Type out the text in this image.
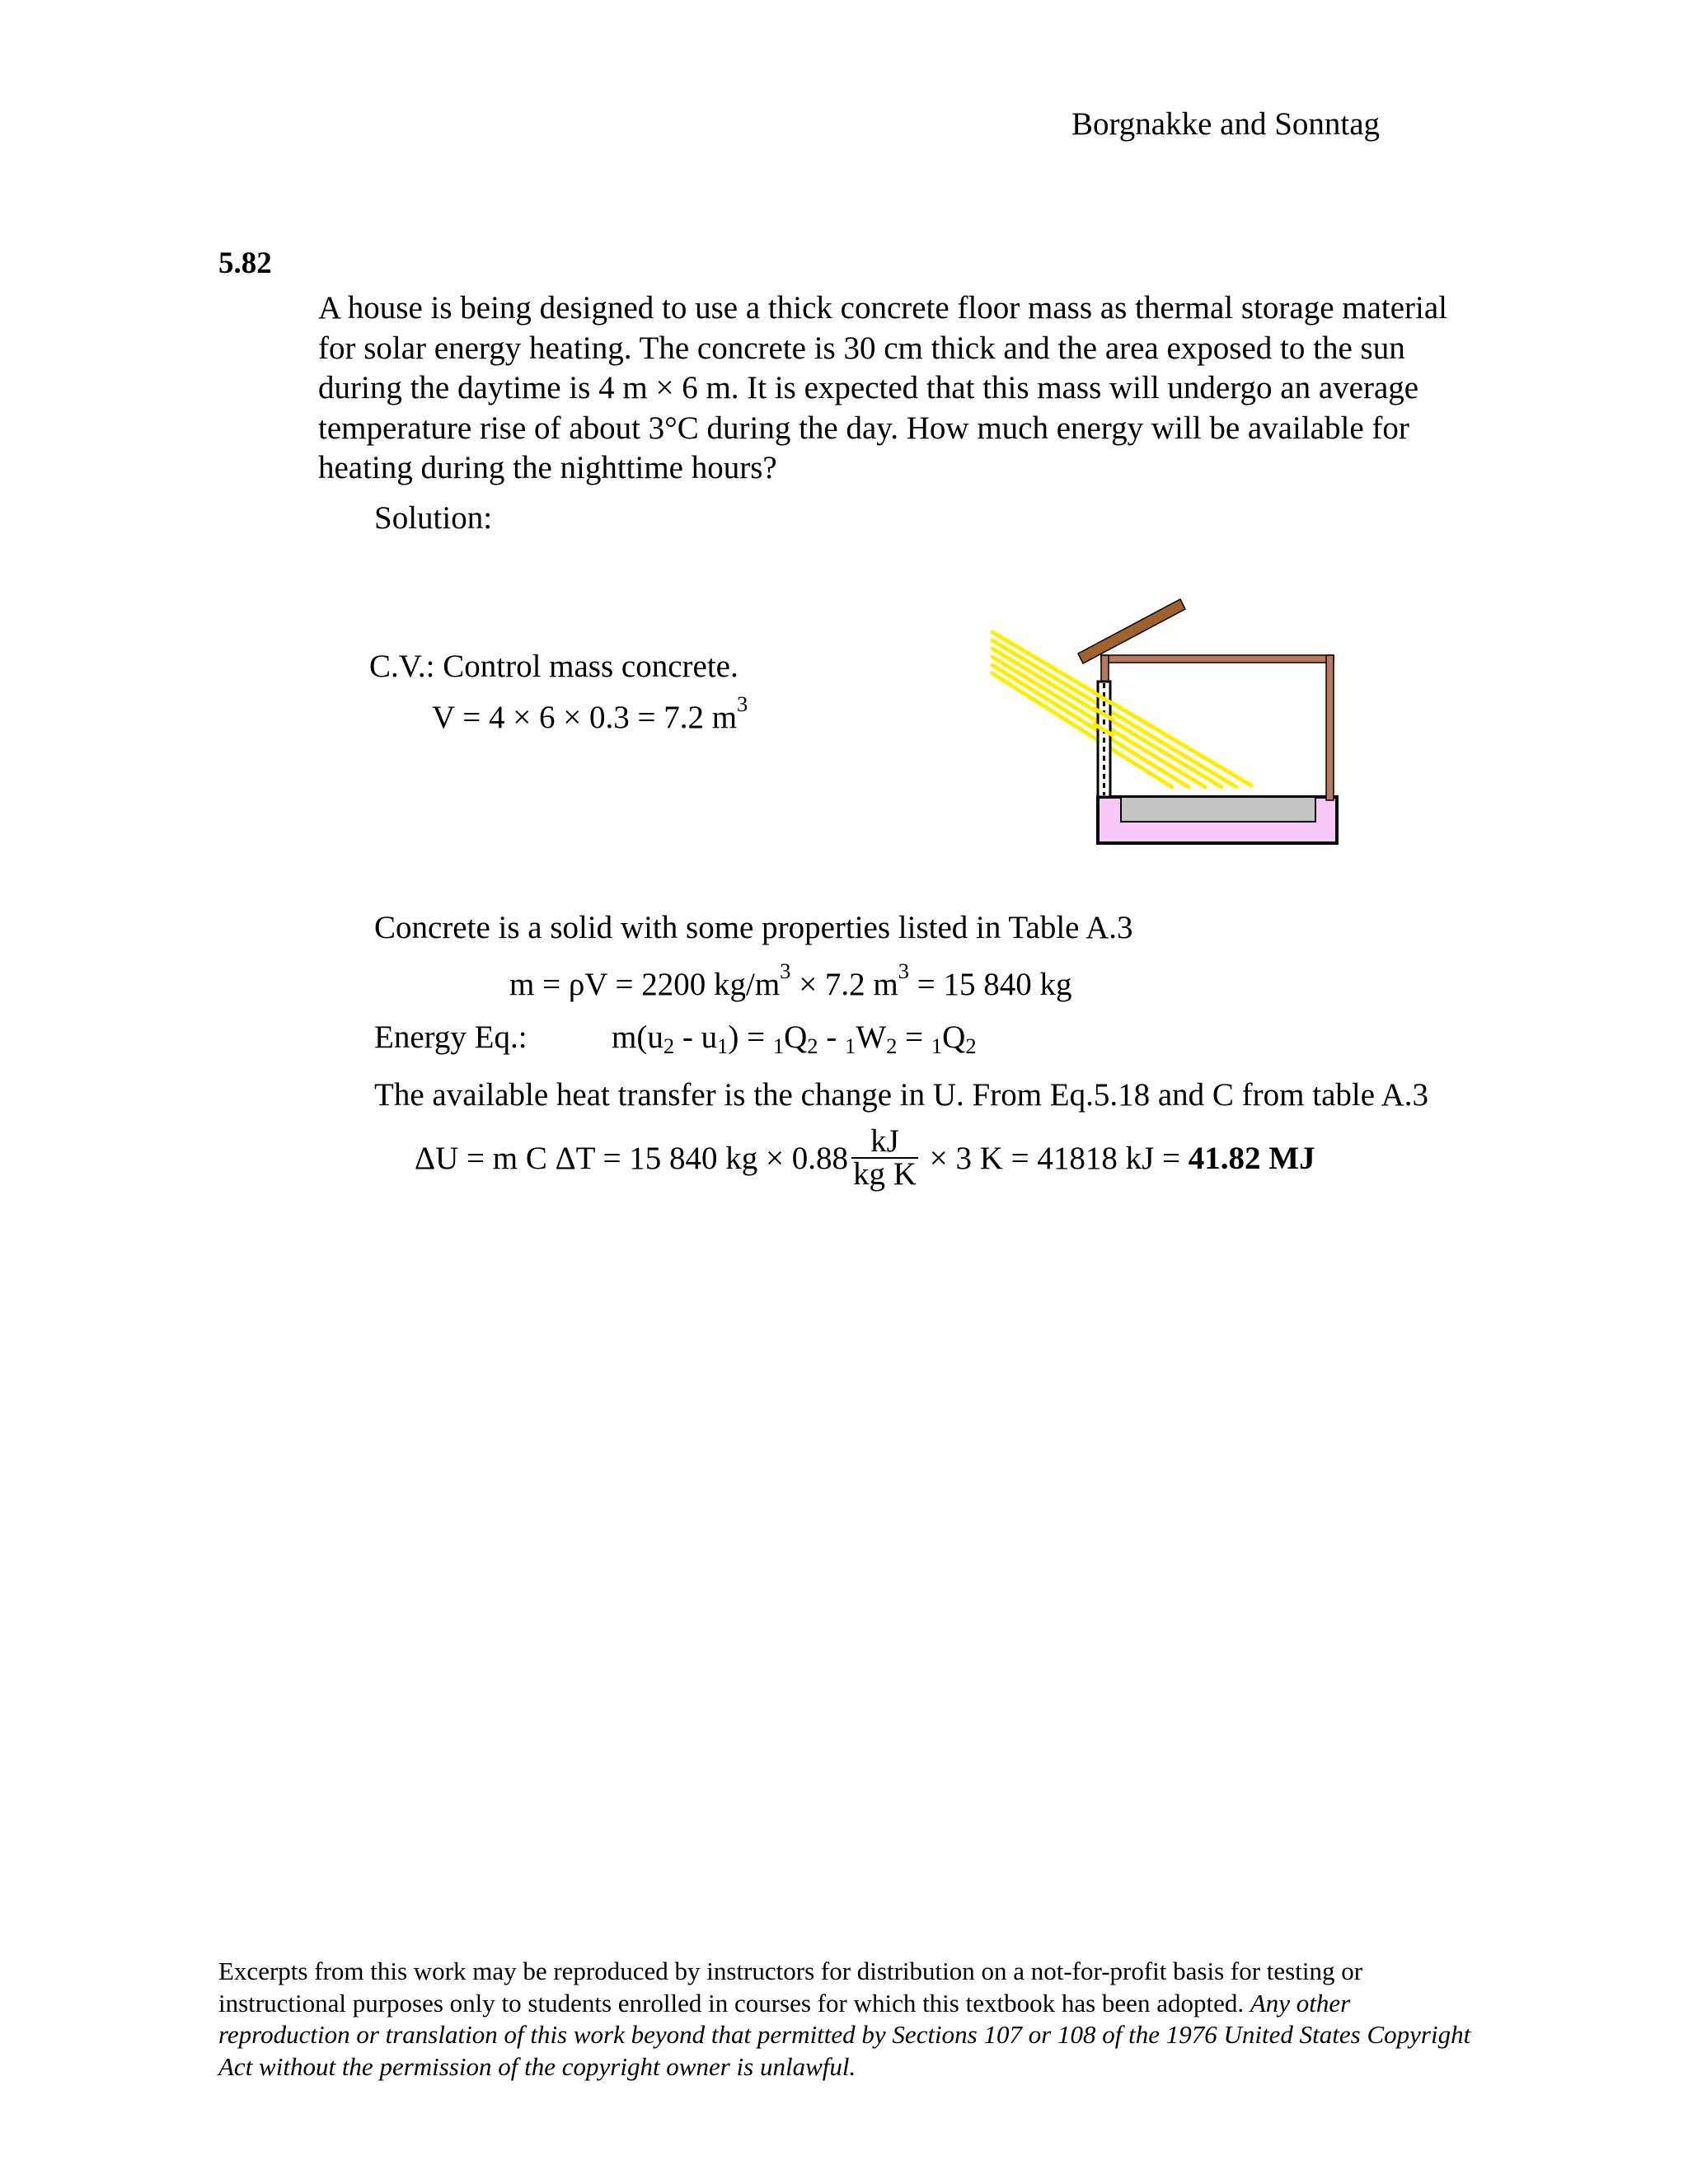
Borgnakke and Sonntag
5.82
A house is being designed to use a thick concrete floor mass as thermal storage material for solar energy heating. The concrete is 30 cm thick and the area exposed to the sun during the daytime is 4 m × 6 m. It is expected that this mass will undergo an average temperature rise of about 3°C during the day. How much energy will be available for heating during the nighttime hours?
Solution:
C.V.: Control mass concrete.
V = 4 × 6 × 0.3 = 7.2 $m^3$
Concrete is a solid with some properties listed in Table A.3
m = ρV = 2200 $kg/m^3 \times 7.2$ $m^3 = 15$ 840 kg
Energy Eq.:	$m(u_2 - u_1) = _1Q_2 - _1W_2 = _1Q_2$
The available heat transfer is the change in U. From Eq.5.18 and C from table A.3
ΔU = m C ΔT = 15 840 kg × $0.88 \frac{kJ}{\text{kg K}} \times 3$ K = 41818 kJ = 41.82 MJ
Excerpts from this work may be reproduced by instructors for distribution on a not-for-profit basis for testing or instructional purposes only to students enrolled in courses for which this textbook has been adopted. Any other reproduction or translation of this work beyond that permitted by Sections 107 or 108 of the 1976 United States Copyright Act without the permission of the copyright owner is unlawful.
